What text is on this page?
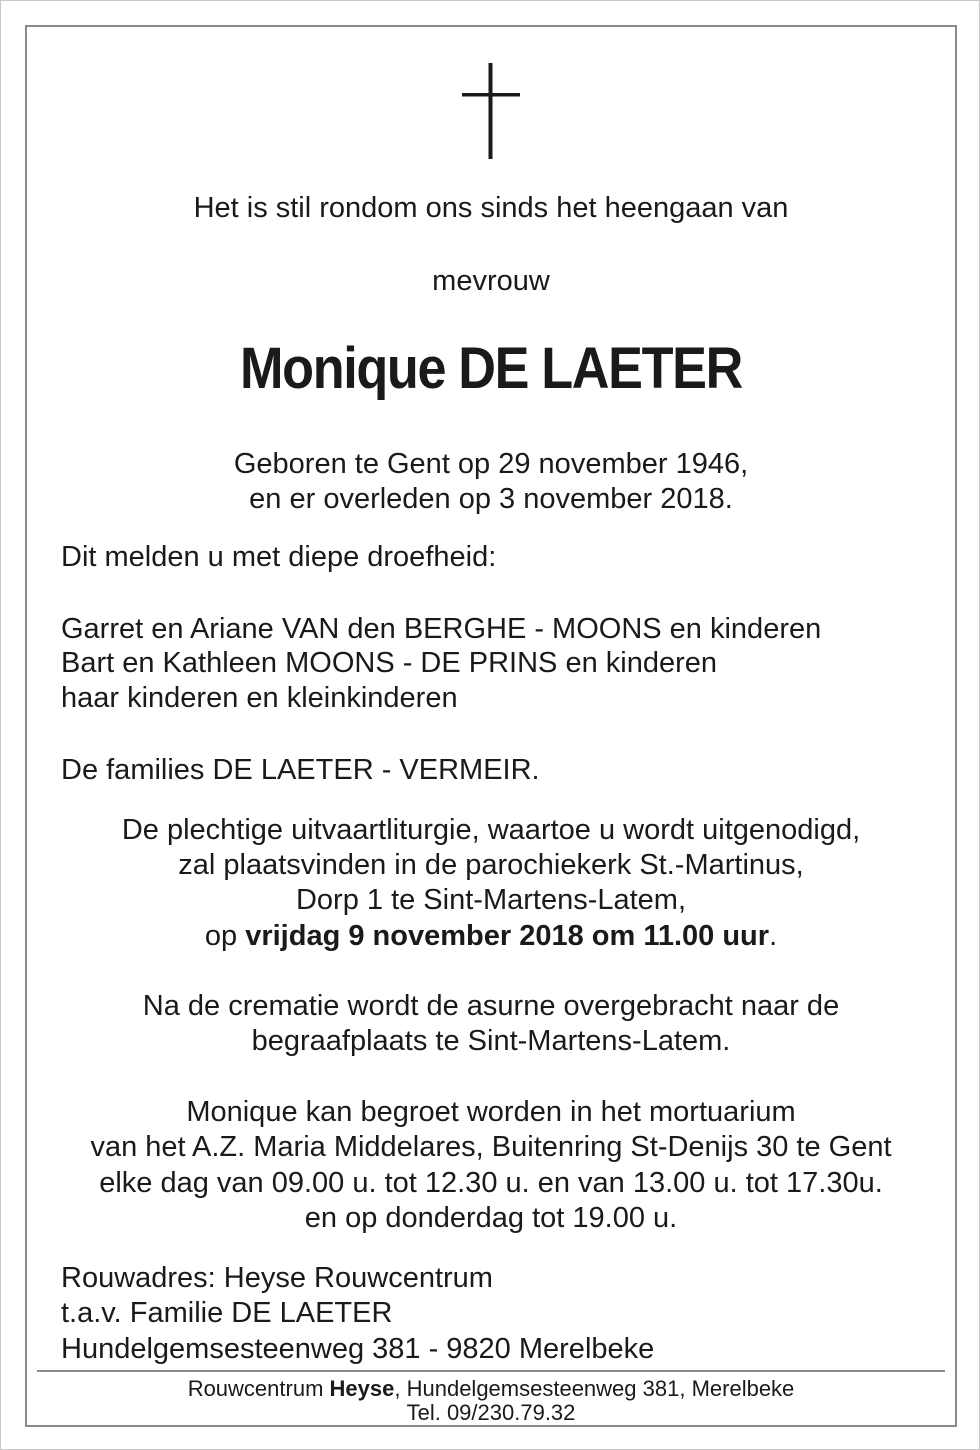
Het is stil rondom ons sinds het heengaan van
mevrouw
Monique DE LAETER
Geboren te Gent op 29 november 1946,
en er overleden op 3 november 2018.
Dit melden u met diepe droefheid:
Garret en Ariane VAN den BERGHE - MOONS en kinderen
Bart en Kathleen MOONS - DE PRINS en kinderen
haar kinderen en kleinkinderen
De families DE LAETER - VERMEIR.
De plechtige uitvaartliturgie, waartoe u wordt uitgenodigd,
zal plaatsvinden in de parochiekerk St.-Martinus,
Dorp 1 te Sint-Martens-Latem,
op vrijdag 9 november 2018 om 11.00 uur.
Na de crematie wordt de asurne overgebracht naar de
begraafplaats te Sint-Martens-Latem.
Monique kan begroet worden in het mortuarium
van het A.Z. Maria Middelares, Buitenring St-Denijs 30 te Gent
elke dag van 09.00 u. tot 12.30 u. en van 13.00 u. tot 17.30u.
en op donderdag tot 19.00 u.
Rouwadres: Heyse Rouwcentrum
t.a.v. Familie DE LAETER
Hundelgemsesteenweg 381 - 9820 Merelbeke
Rouwcentrum Heyse, Hundelgemsesteenweg 381, Merelbeke
Tel. 09/230.79.32
